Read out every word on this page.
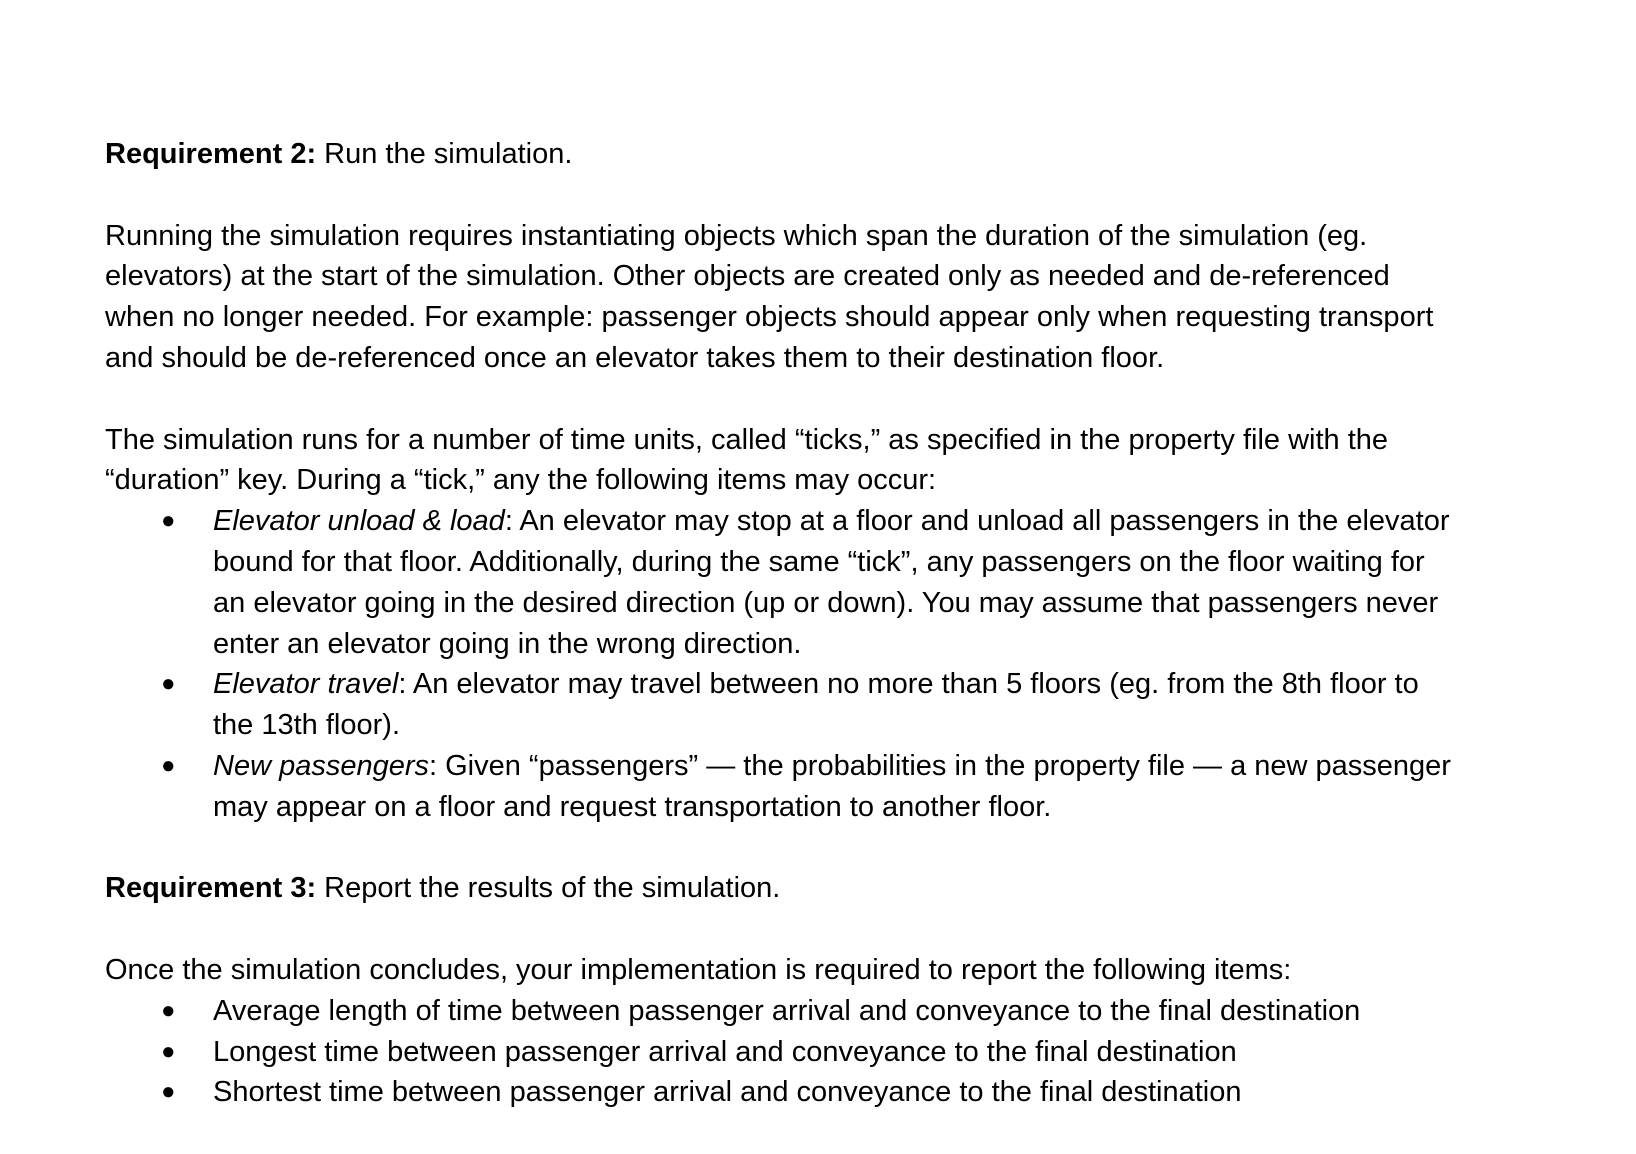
Requirement 2: Run the simulation.

Running the simulation requires instantiating objects which span the duration of the simulation (eg.

elevators) at the start of the simulation. Other objects are created only as needed and de-referenced

when no longer needed. For example: passenger objects should appear only when requesting transport

and should be de-referenced once an elevator takes them to their destination floor.

The simulation runs for a number of time units, called “ticks,” as specified in the property file with the

“duration” key. During a “tick,” any the following items may occur:

● Elevator unload & load: An elevator may stop at a floor and unload all passengers in the elevator
bound for that floor. Additionally, during the same “tick”, any passengers on the floor waiting for
an elevator going in the desired direction (up or down). You may assume that passengers never
enter an elevator going in the wrong direction.
● Elevator travel: An elevator may travel between no more than 5 floors (eg. from the 8th floor to
the 13th floor).
● New passengers: Given “passengers” — the probabilities in the property file — a new passenger
may appear on a floor and request transportation to another floor.

Requirement 3: Report the results of the simulation.

Once the simulation concludes, your implementation is required to report the following items:

● Average length of time between passenger arrival and conveyance to the final destination
● Longest time between passenger arrival and conveyance to the final destination
● Shortest time between passenger arrival and conveyance to the final destination
